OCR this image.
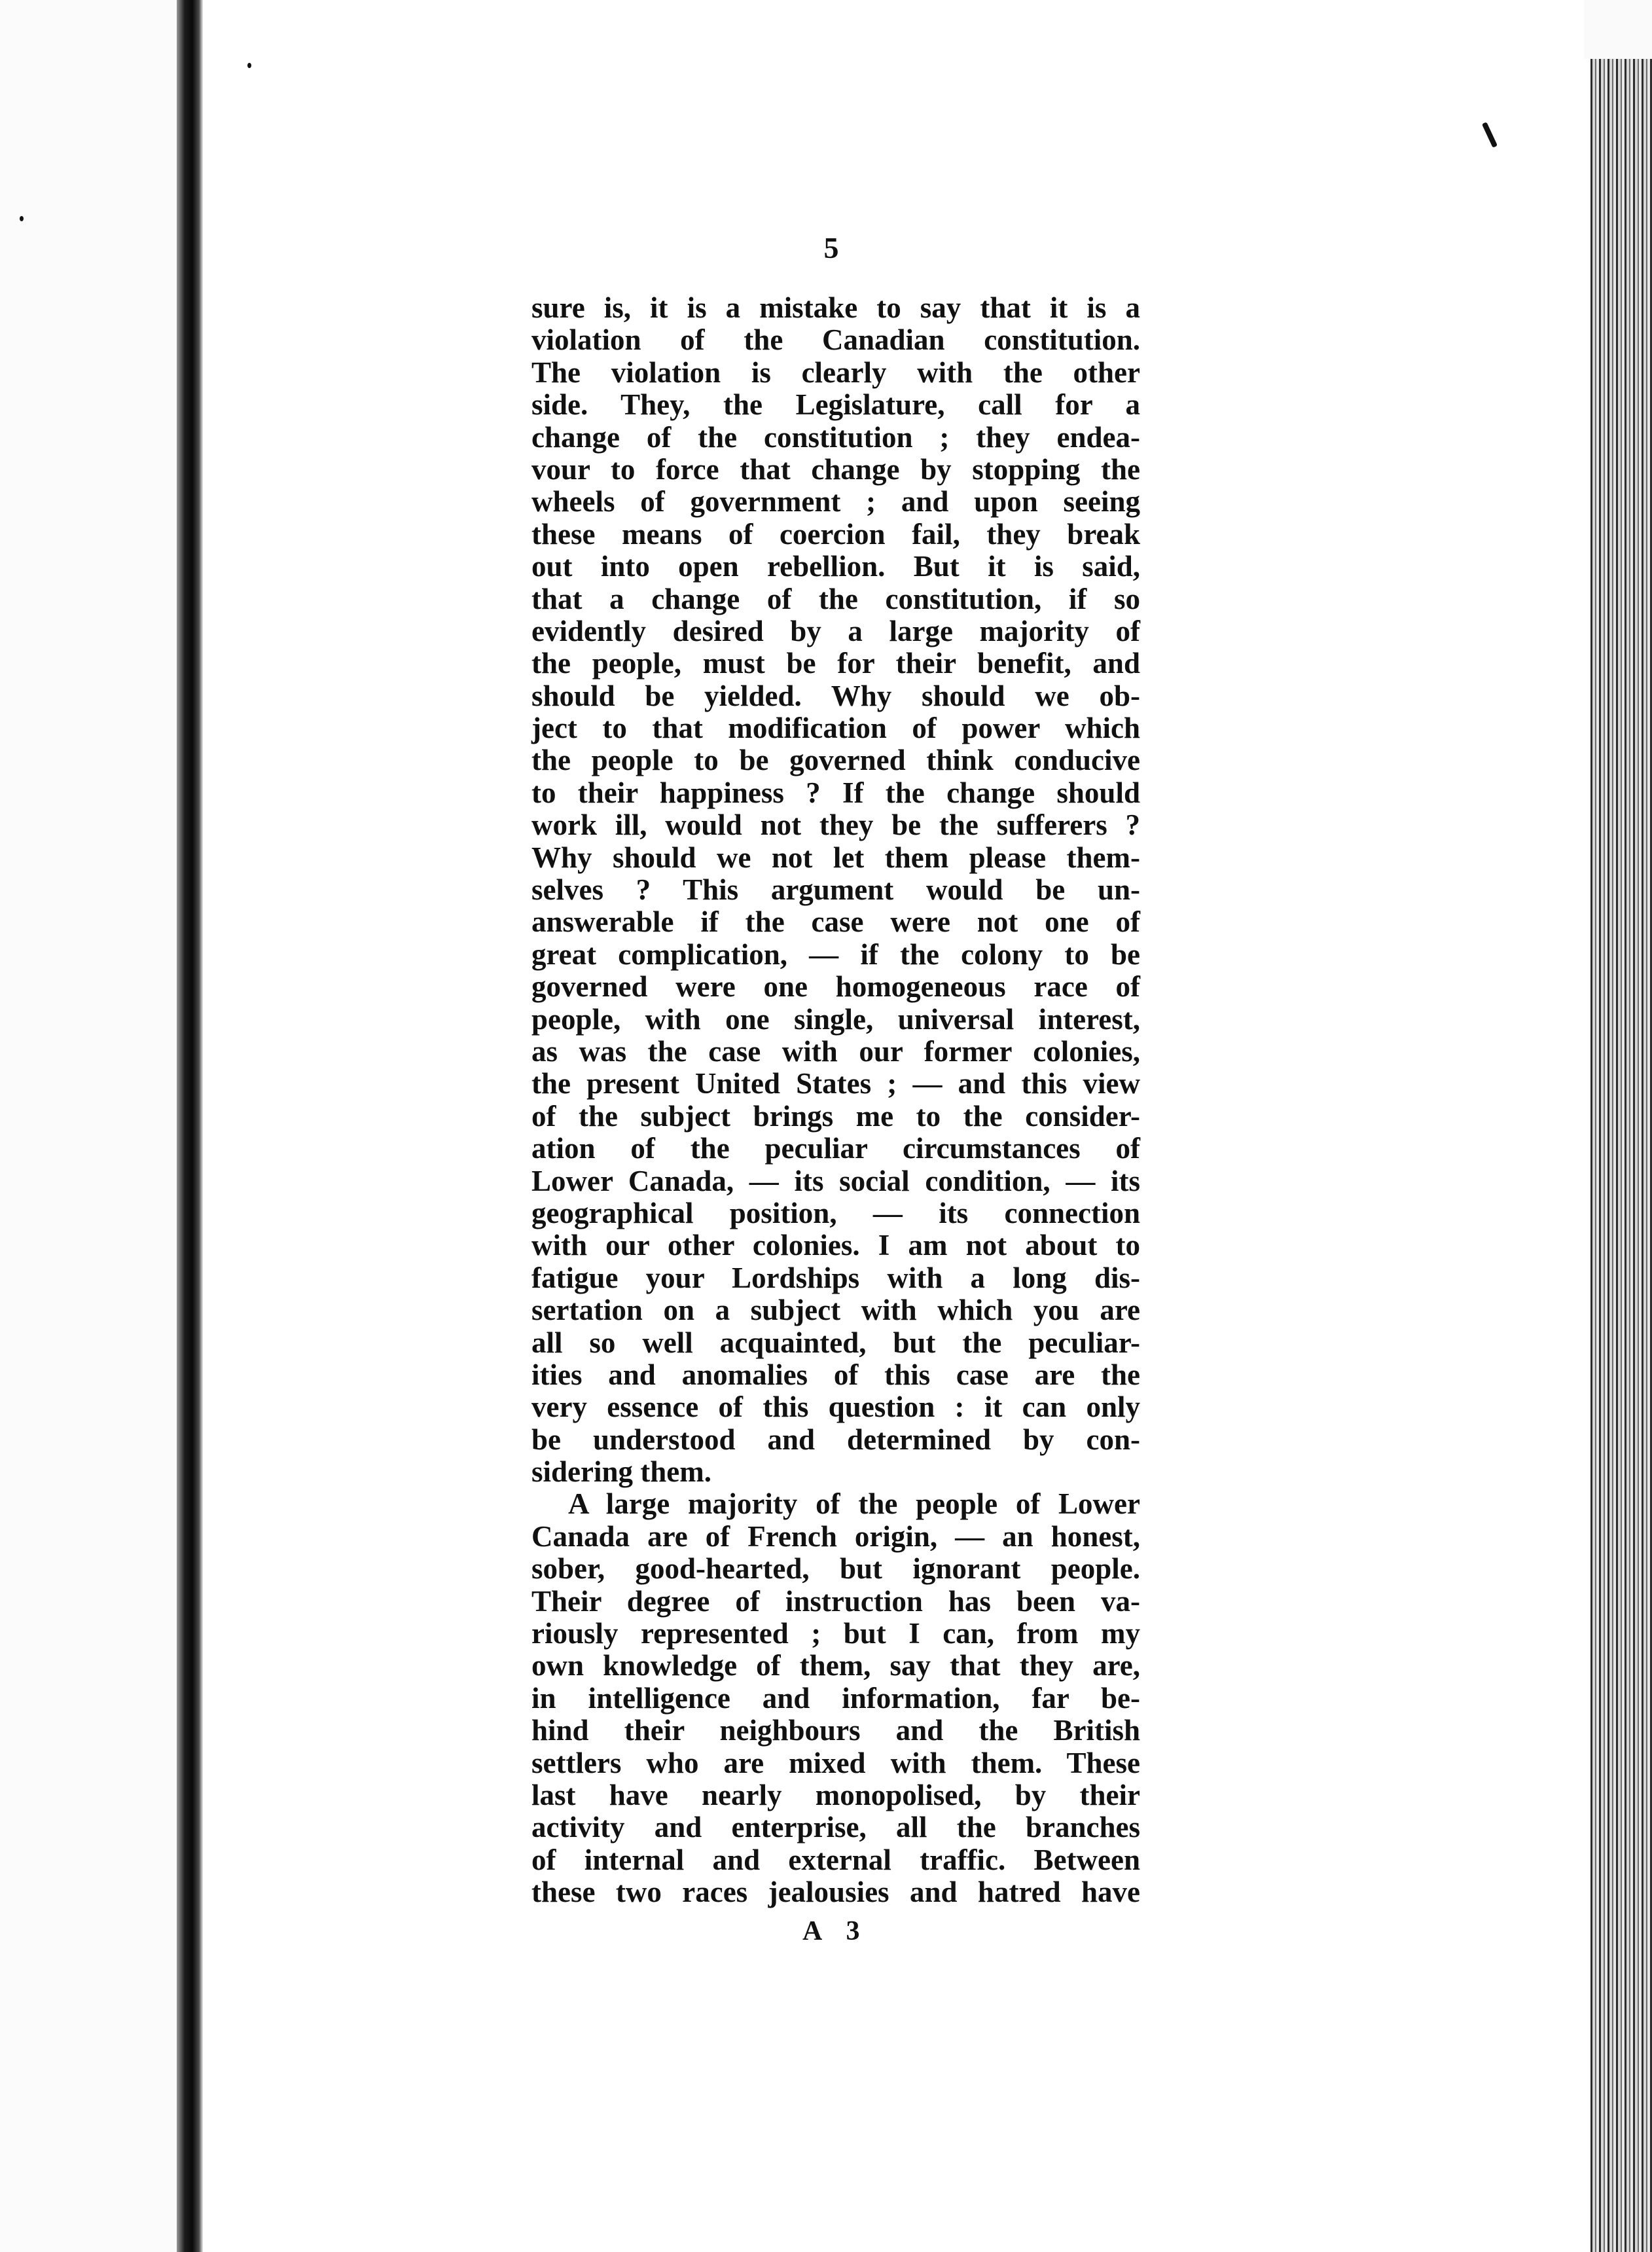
5
sure is, it is a mistake to say that it is a
violation of the Canadian constitution.
The violation is clearly with the other
side. They, the Legislature, call for a
change of the constitution ; they endea-
vour to force that change by stopping the
wheels of government ; and upon seeing
these means of coercion fail, they break
out into open rebellion. But it is said,
that a change of the constitution, if so
evidently desired by a large majority of
the people, must be for their benefit, and
should be yielded. Why should we ob-
ject to that modification of power which
the people to be governed think conducive
to their happiness ? If the change should
work ill, would not they be the sufferers ?
Why should we not let them please them-
selves ? This argument would be un-
answerable if the case were not one of
great complication, — if the colony to be
governed were one homogeneous race of
people, with one single, universal interest,
as was the case with our former colonies,
the present United States ; — and this view
of the subject brings me to the consider-
ation of the peculiar circumstances of
Lower Canada, — its social condition, — its
geographical position, — its connection
with our other colonies. I am not about to
fatigue your Lordships with a long dis-
sertation on a subject with which you are
all so well acquainted, but the peculiar-
ities and anomalies of this case are the
very essence of this question : it can only
be understood and determined by con-
sidering them.
A large majority of the people of Lower
Canada are of French origin, — an honest,
sober, good-hearted, but ignorant people.
Their degree of instruction has been va-
riously represented ; but I can, from my
own knowledge of them, say that they are,
in intelligence and information, far be-
hind their neighbours and the British
settlers who are mixed with them. These
last have nearly monopolised, by their
activity and enterprise, all the branches
of internal and external traffic. Between
these two races jealousies and hatred have
A 3
